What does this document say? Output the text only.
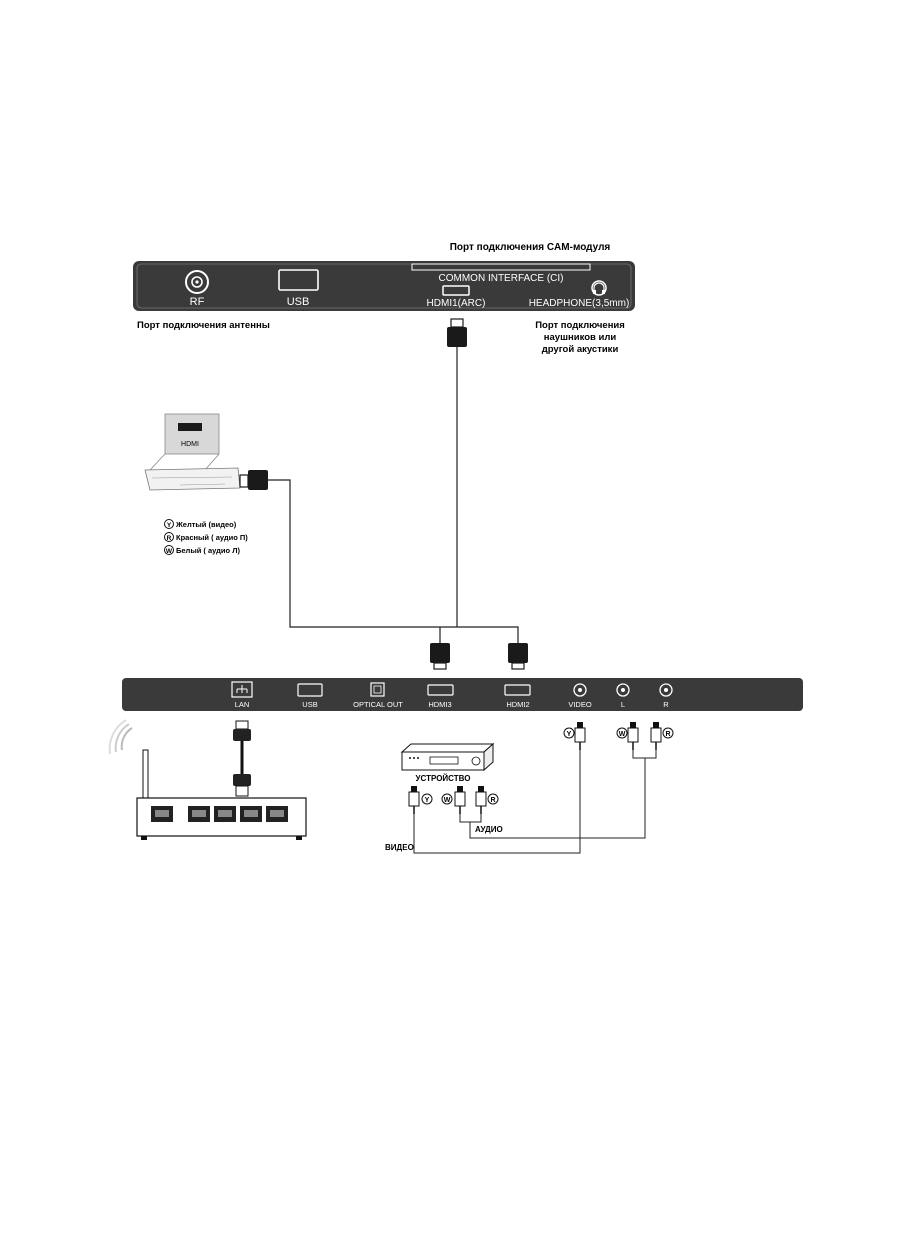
Порт подключения CAM-модуля
COMMON INTERFACE (CI)
RF	USB	HDMI1(ARC)	HEADPHONE(3,5mm)
Порт подключения антенны	Порт подключения
наушников или
другой акустики
HDMI
Y Желтый (видео)
R Красный ( аудио П)
W Белый ( аудио Л)
LAN	USB	OPTICAL OUT	HDMI3	HDMI2	VIDEO	L	R
УСТРОЙСТВО
Y W	R
Y	W	R
АУДИО
ВИДЕО
